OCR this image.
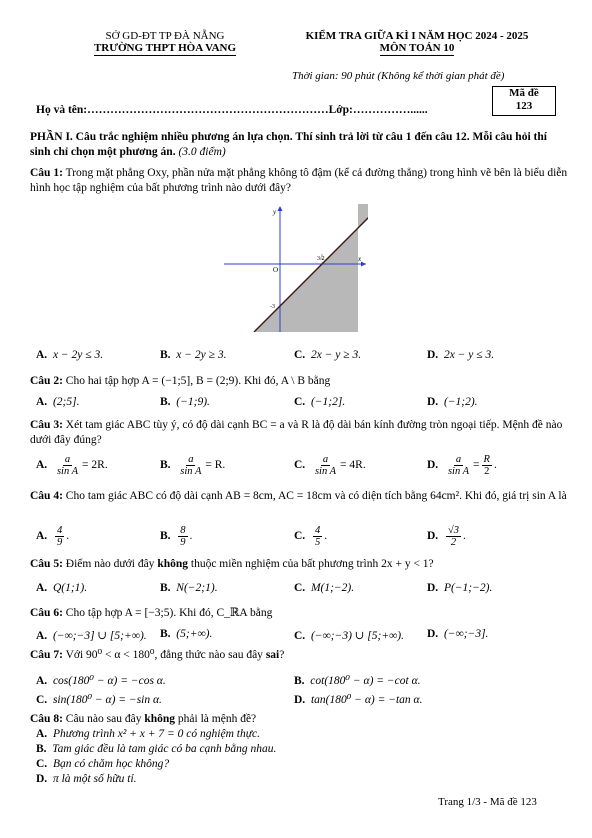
SỞ GD-ĐT TP ĐÀ NẴNG
TRƯỜNG THPT HÒA VANG
KIỂM TRA GIỮA KÌ I NĂM HỌC 2024 - 2025
MÔN TOÁN 10
Thời gian: 90 phút (Không kể thời gian phát đề)
Mã đề
123
Họ và tên:………………………………………………………Lớp:……………......
PHẦN I. Câu trắc nghiệm nhiều phương án lựa chọn. Thí sinh trả lời từ câu 1 đến câu 12. Mỗi câu hỏi thí sinh chỉ chọn một phương án. (3.0 điểm)
Câu 1: Trong mặt phẳng Oxy, phần nửa mặt phẳng không tô đậm (kể cả đường thẳng) trong hình vẽ bên là biểu diễn hình học tập nghiệm của bất phương trình nào dưới đây?
y
x
O
3/2
-3
A.  x − 2y ≤ 3.	B.  x − 2y ≥ 3.	C.  2x − y ≥ 3.	D.  2x − y ≤ 3.
Câu 2: Cho hai tập hợp A = (−1;5], B = (2;9). Khi đó, A \ B bằng
A.  (2;5].	B.  (−1;9).	C.  (−1;2].	D.  (−1;2).
Câu 3: Xét tam giác ABC tùy ý, có độ dài cạnh BC = a và R là độ dài bán kính đường tròn ngoại tiếp. Mệnh đề nào dưới đây đúng?
A.  $\frac{a}{\text{sin A}} = 2R$.	B.  $\frac{a}{\text{sin A}} = R$.	C.  $\frac{a}{\text{sin A}} = 4R$.	D.  $\frac{a}{\text{sin A}} = \frac{R}{2}$ .
Câu 4: Cho tam giác ABC có độ dài cạnh AB = 8cm, AC = 18cm và có diện tích bằng 64cm². Khi đó, giá trị sin A là
A.  $\frac{4}{9}$ .	B.  $\frac{8}{9}$ .	C.  $\frac{4}{5}$ .	D.  $\frac{√3}{2}$ .
Câu 5: Điểm nào dưới đây không thuộc miền nghiệm của bất phương trình 2x + y < 1?
A.  Q(1;1).	B.  N(−2;1).	C.  M(1;−2).	D.  P(−1;−2).
Câu 6: Cho tập hợp A = [−3;5). Khi đó, C_ℝA bằng
A.  (−∞;−3] ∪ [5;+∞). B.  (5;+∞).	C.  (−∞;−3) ∪ [5;+∞). D.  (−∞;−3].
Câu 7: Với 90⁰ < α < 180⁰, đẳng thức nào sau đây sai?
A.  cos(180⁰ − α) = −cos α.	B.  cot(180⁰ − α) = −cot α.
C.  sin(180⁰ − α) = −sin α.	D.  tan(180⁰ − α) = −tan α.
Câu 8: Câu nào sau đây không phải là mệnh đề?
A.  Phương trình x² + x + 7 = 0 có nghiệm thực.
B.  Tam giác đều là tam giác có ba cạnh bằng nhau.
C.  Bạn có chăm học không?
D.  π là một số hữu tỉ.
Trang 1/3 - Mã đề 123
